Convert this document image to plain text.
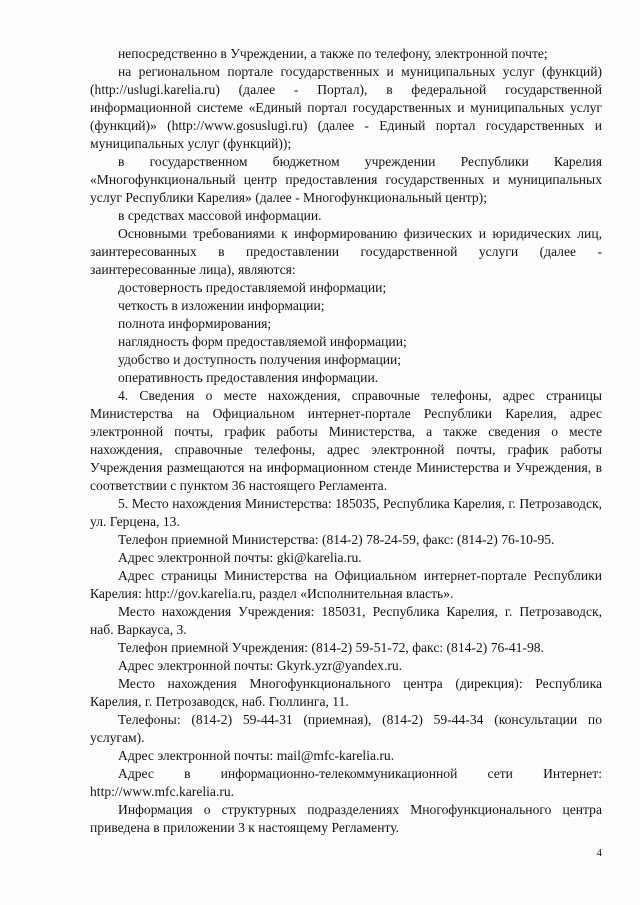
непосредственно в Учреждении, а также по телефону, электронной почте;

на региональном портале государственных и муниципальных услуг (функций) (http://uslugi.karelia.ru) (далее - Портал), в федеральной государственной информационной системе «Единый портал государственных и муниципальных услуг (функций)» (http://www.gosuslugi.ru) (далее - Единый портал государственных и муниципальных услуг (функций));

в государственном бюджетном учреждении Республики Карелия «Многофункциональный центр предоставления государственных и муниципальных услуг Республики Карелия» (далее - Многофункциональный центр);

в средствах массовой информации.

Основными требованиями к информированию физических и юридических лиц, заинтересованных в предоставлении государственной услуги (далее - заинтересованные лица), являются:

достоверность предоставляемой информации;

четкость в изложении информации;

полнота информирования;

наглядность форм предоставляемой информации;

удобство и доступность получения информации;

оперативность предоставления информации.

4. Сведения о месте нахождения, справочные телефоны, адрес страницы Министерства на Официальном интернет-портале Республики Карелия, адрес электронной почты, график работы Министерства, а также сведения о месте нахождения, справочные телефоны, адрес электронной почты, график работы Учреждения размещаются на информационном стенде Министерства и Учреждения, в соответствии с пунктом 36 настоящего Регламента.

5. Место нахождения Министерства: 185035, Республика Карелия, г. Петрозаводск, ул. Герцена, 13.

Телефон приемной Министерства: (814-2) 78-24-59, факс: (814-2) 76-10-95.

Адрес электронной почты: gki@karelia.ru.

Адрес страницы Министерства на Официальном интернет-портале Республики Карелия: http://gov.karelia.ru, раздел «Исполнительная власть».

Место нахождения Учреждения: 185031, Республика Карелия, г. Петрозаводск, наб. Варкауса, 3.

Телефон приемной Учреждения: (814-2) 59-51-72, факс: (814-2) 76-41-98.

Адрес электронной почты: Gkyrk.yzr@yandex.ru.

Место нахождения Многофункционального центра (дирекция): Республика Карелия, г. Петрозаводск, наб. Гюллинга, 11.

Телефоны: (814-2) 59-44-31 (приемная), (814-2) 59-44-34 (консультации по услугам).

Адрес электронной почты: mail@mfc-karelia.ru.

Адрес в информационно-телекоммуникационной сети Интернет: http://www.mfc.karelia.ru.

Информация о структурных подразделениях Многофункционального центра приведена в приложении 3 к настоящему Регламенту.

4
